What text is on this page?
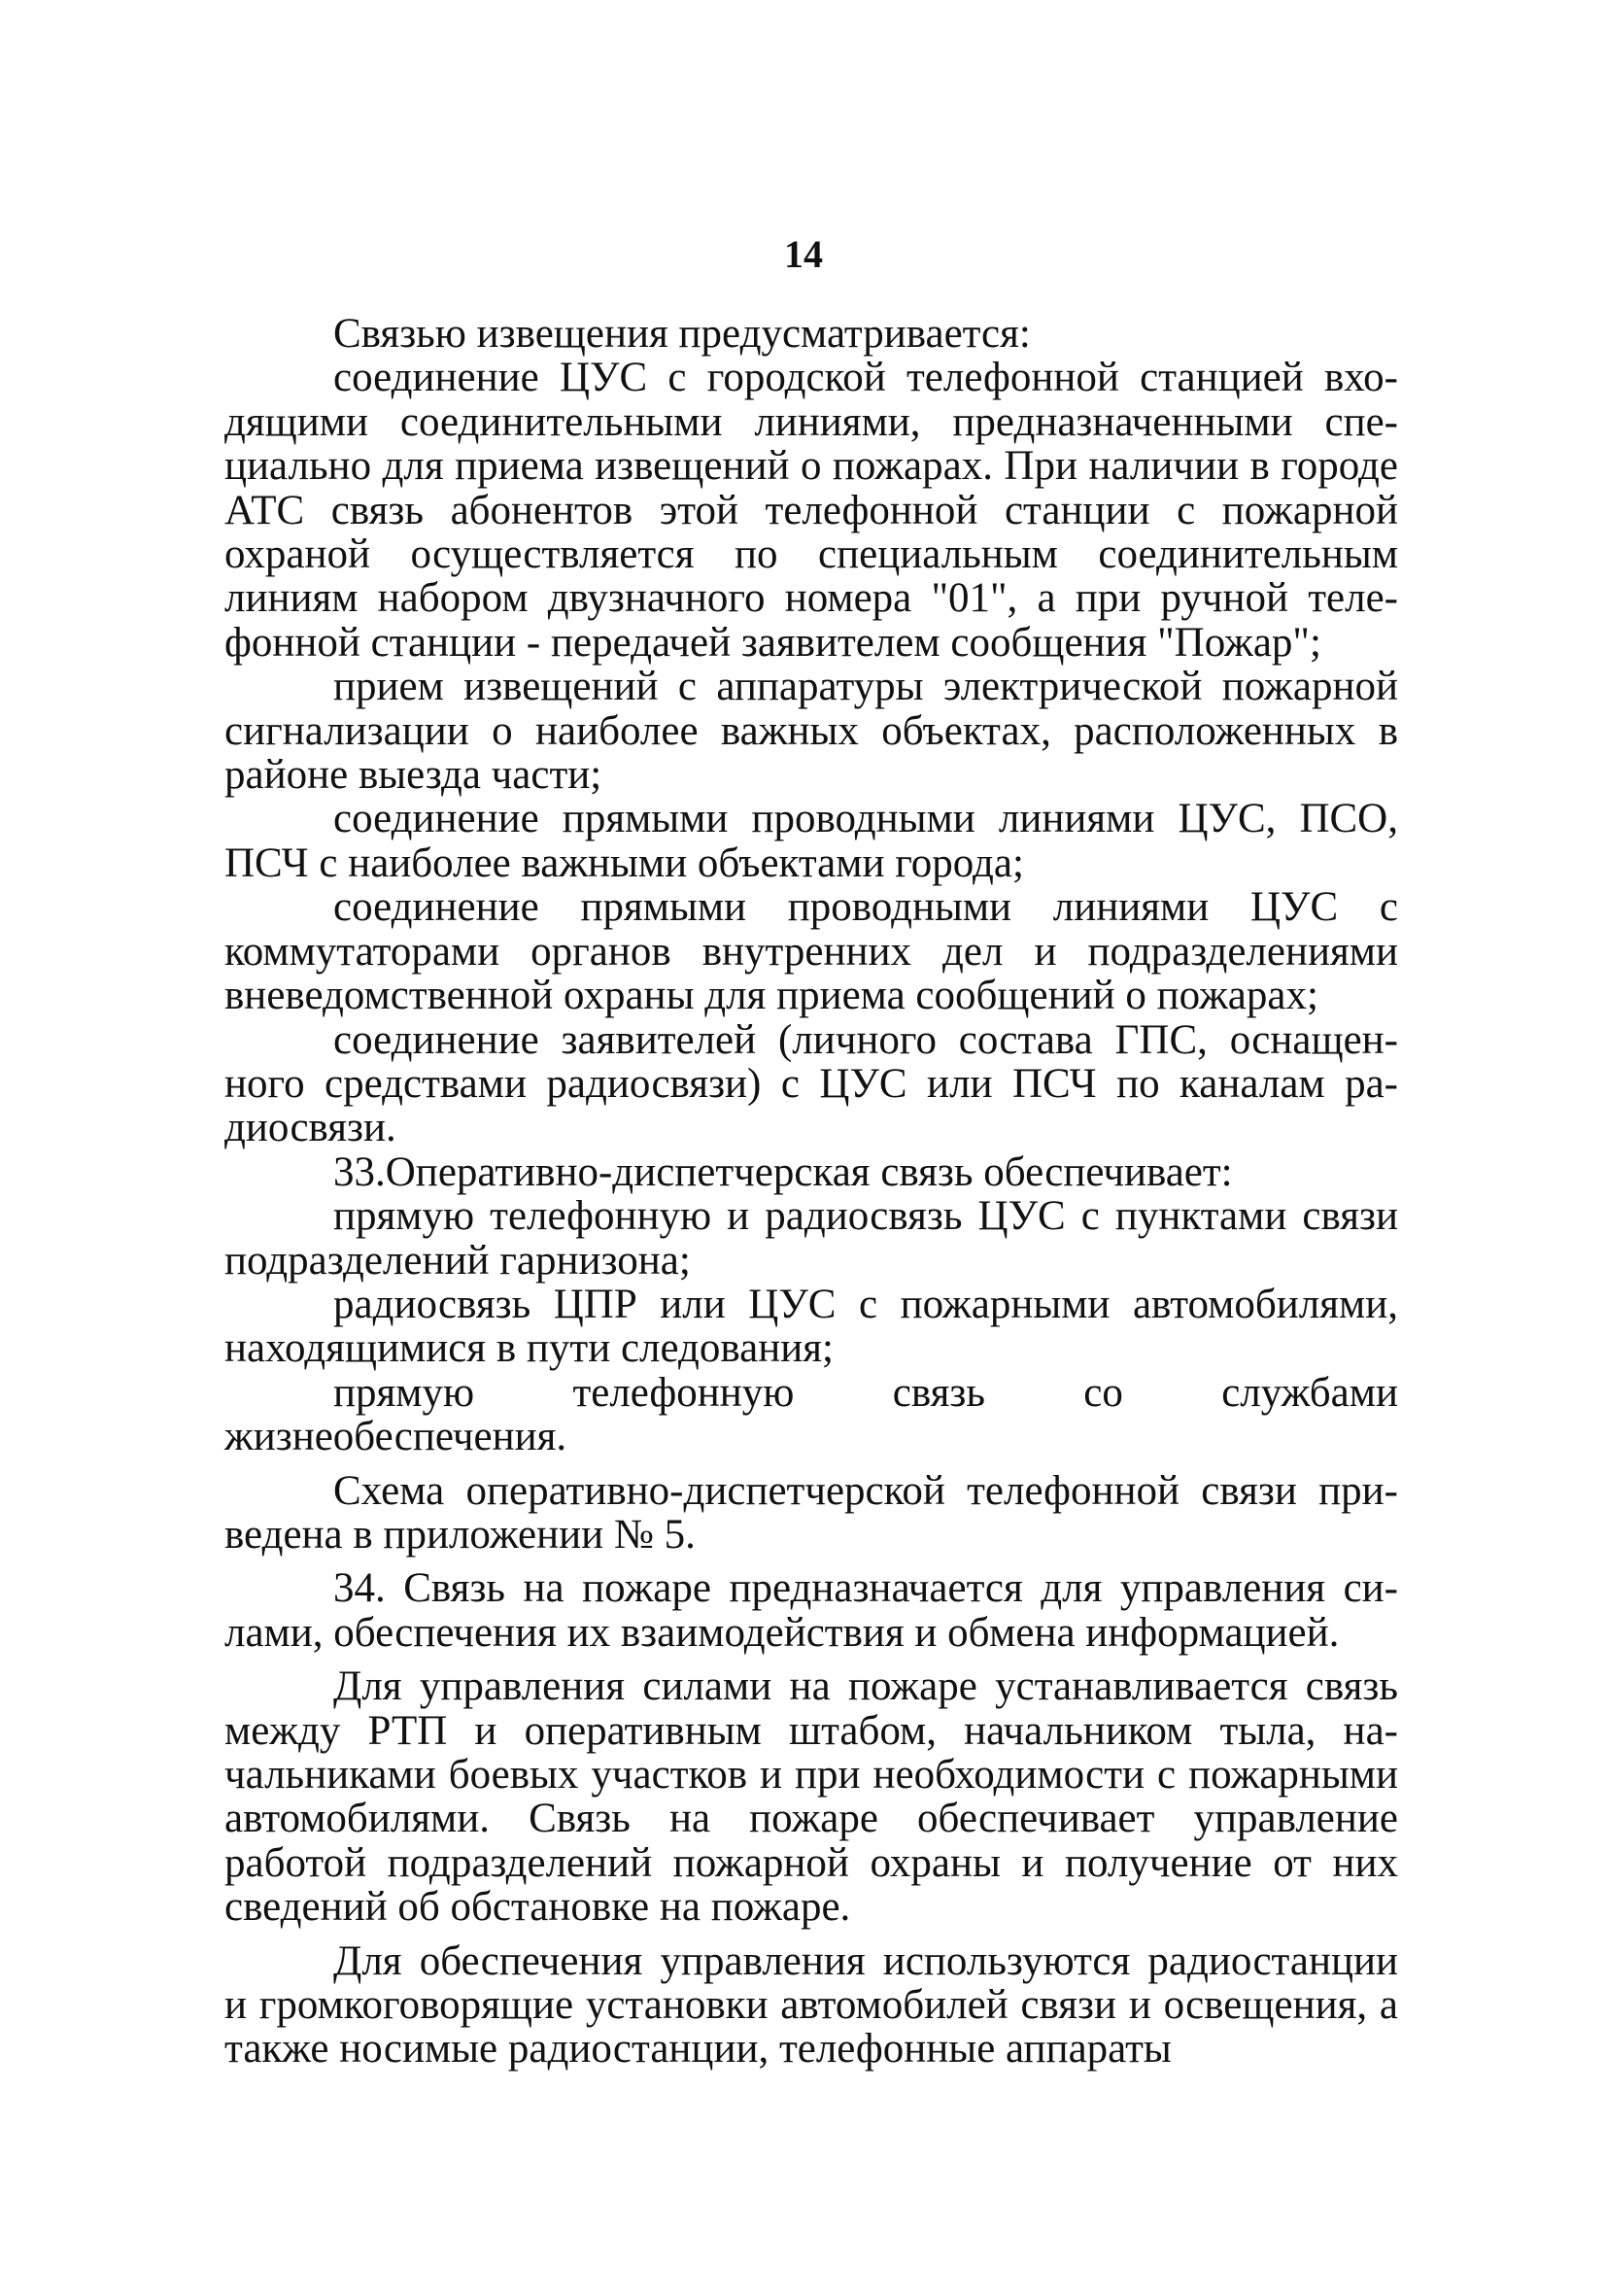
14

Связью извещения предусматривается:

соединение ЦУС с городской телефонной станцией входящими соединительными линиями, предназначенными специально для приема извещений о пожарах. При наличии в городе АТС связь абонентов этой телефонной станции с пожарной охраной осуществляется по специальным соединительным линиям набором двузначного номера "01", а при ручной телефонной станции - передачей заявителем сообщения "Пожар";

прием извещений с аппаратуры электрической пожарной сигнализации о наиболее важных объектах, расположенных в районе выезда части;

соединение прямыми проводными линиями ЦУС, ПСО, ПСЧ с наиболее важными объектами города;

соединение прямыми проводными линиями ЦУС с коммутаторами органов внутренних дел и подразделениями вневедомственной охраны для приема сообщений о пожарах;

соединение заявителей (личного состава ГПС, оснащенного средствами радиосвязи) с ЦУС или ПСЧ по каналам радиосвязи.

33.Оперативно-диспетчерская связь обеспечивает:

прямую телефонную и радиосвязь ЦУС с пунктами связи подразделений гарнизона;

радиосвязь ЦПР или ЦУС с пожарными автомобилями, находящимися в пути следования;

прямую телефонную связь со службами жизнеобеспечения.

Схема оперативно-диспетчерской телефонной связи приведена в приложении № 5.

34. Связь на пожаре предназначается для управления силами, обеспечения их взаимодействия и обмена информацией.

Для управления силами на пожаре устанавливается связь между РТП и оперативным штабом, начальником тыла, начальниками боевых участков и при необходимости с пожарными автомобилями. Связь на пожаре обеспечивает управление работой подразделений пожарной охраны и получение от них сведений об обстановке на пожаре.

Для обеспечения управления используются радиостанции и громкоговорящие установки автомобилей связи и освещения, а также носимые радиостанции, телефонные аппараты
